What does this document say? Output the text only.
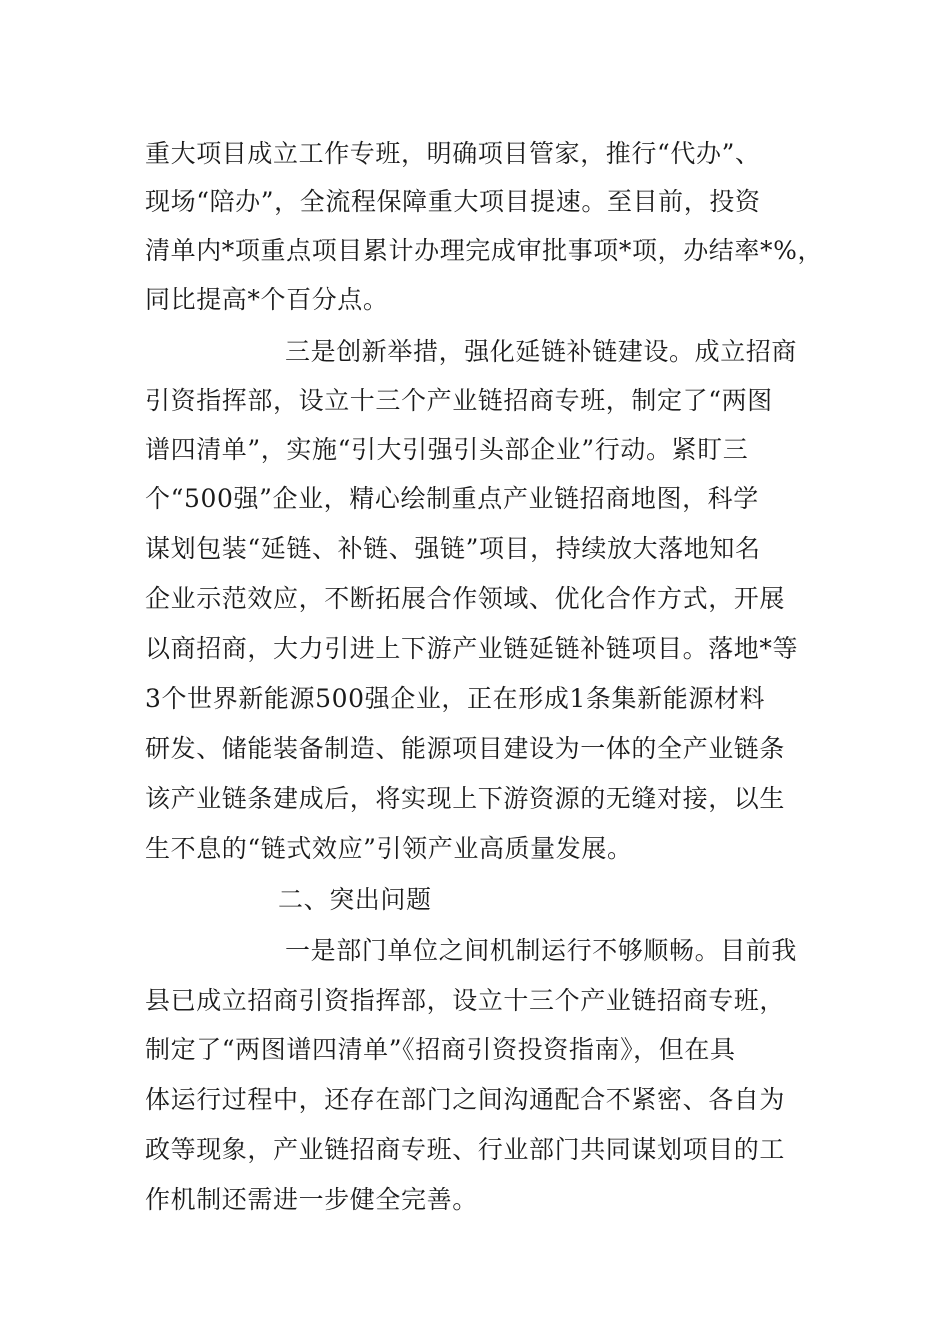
重大项目成立工作专班，明确项目管家，推行“代办”、
现场“陪办”，全流程保障重大项目提速。至目前，投资
清单内*项重点项目累计办理完成审批事项*项，办结率*%，
同比提高*个百分点。
三是创新举措，强化延链补链建设。成立招商
引资指挥部，设立十三个产业链招商专班，制定了“两图
谱四清单”，实施“引大引强引头部企业”行动。紧盯三
个“500强”企业，精心绘制重点产业链招商地图，科学
谋划包装“延链、补链、强链”项目，持续放大落地知名
企业示范效应，不断拓展合作领域、优化合作方式，开展
以商招商，大力引进上下游产业链延链补链项目。落地*等
3个世界新能源500强企业，正在形成1条集新能源材料
研发、储能装备制造、能源项目建设为一体的全产业链条
该产业链条建成后，将实现上下游资源的无缝对接，以生
生不息的“链式效应”引领产业高质量发展。
二、突出问题
一是部门单位之间机制运行不够顺畅。目前我
县已成立招商引资指挥部，设立十三个产业链招商专班，
制定了“两图谱四清单”《招商引资投资指南》，但在具
体运行过程中，还存在部门之间沟通配合不紧密、各自为
政等现象，产业链招商专班、行业部门共同谋划项目的工
作机制还需进一步健全完善。
